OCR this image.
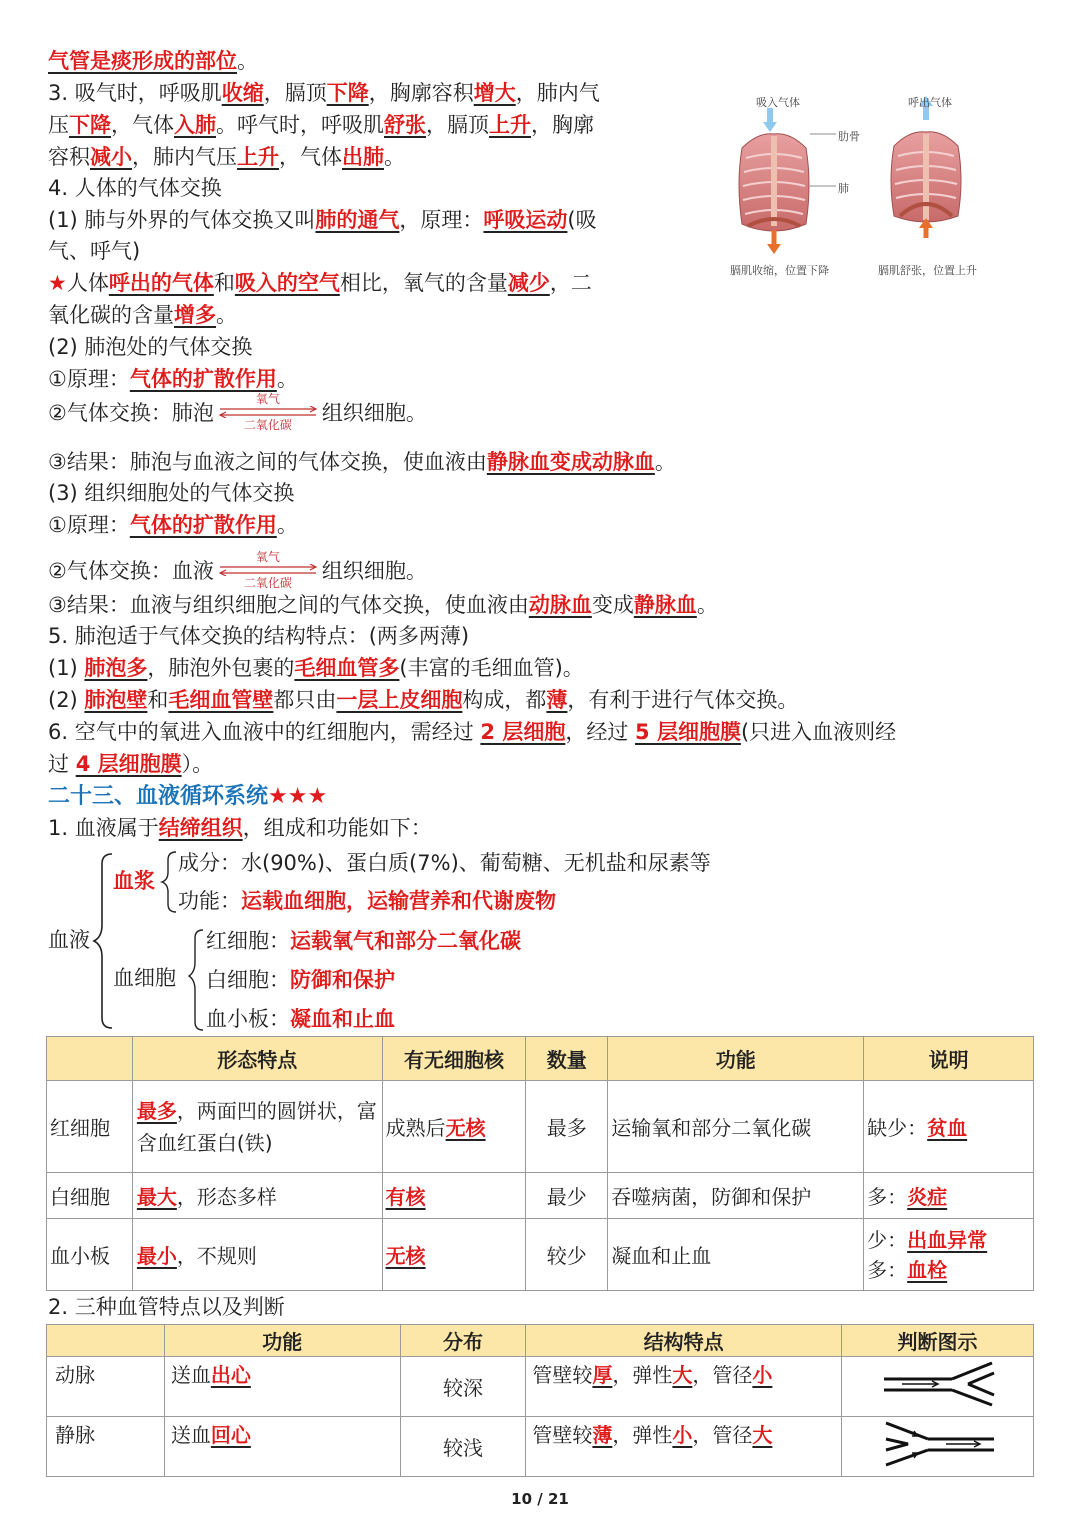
气管是痰形成的部位。
3. 吸气时，呼吸肌收缩，膈顶下降，胸廓容积增大，肺内气
压下降，气体入肺。呼气时，呼吸肌舒张，膈顶上升，胸廓
容积减小，肺内气压上升，气体出肺。
4. 人体的气体交换
(1) 肺与外界的气体交换又叫肺的通气，原理：呼吸运动(吸
气、呼气)
★人体呼出的气体和吸入的空气相比，氧气的含量减少，二
氧化碳的含量增多。
(2) 肺泡处的气体交换
①原理：气体的扩散作用。
②气体交换：肺泡
氧气
二氧化碳	组织细胞。
③结果：肺泡与血液之间的气体交换，使血液由静脉血变成动脉血。
(3) 组织细胞处的气体交换
①原理：气体的扩散作用。
②气体交换：血液
氧气
二氧化碳	组织细胞。
③结果：血液与组织细胞之间的气体交换，使血液由动脉血变成静脉血。
5. 肺泡适于气体交换的结构特点：(两多两薄)
(1) 肺泡多，肺泡外包裹的毛细血管多(丰富的毛细血管)。
(2) 肺泡壁和毛细血管壁都只由一层上皮细胞构成，都薄，有利于进行气体交换。
6. 空气中的氧进入血液中的红细胞内，需经过 2 层细胞，经过 5 层细胞膜(只进入血液则经
过 4 层细胞膜）。
二十三、血液循环系统★★★
1. 血液属于结缔组织，组成和功能如下：
血液
血浆
成分：水(90%)、蛋白质(7%)、葡萄糖、无机盐和尿素等
功能：运载血细胞，运输营养和代谢废物
血细胞
红细胞：运载氧气和部分二氧化碳
白细胞：防御和保护
血小板：凝血和止血
	形态特点	有无细胞核	数量	功能	说明
红细胞	最多，两面凹的圆饼状，富含血红蛋白(铁)	成熟后无核	最多	运输氧和部分二氧化碳	缺少：贫血
白细胞	最大，形态多样	有核	最少	吞噬病菌，防御和保护	多：炎症
血小板	最小，不规则	无核	较少	凝血和止血	少：出血异常
多：血栓
2. 三种血管特点以及判断
	功能	分布	结构特点	判断图示
动脉	送血出心	较深	管壁较厚，弹性大，管径小	
静脉	送血回心	较浅	管壁较薄，弹性小，管径大	
吸入气体	呼出气体
肋骨
肺
膈肌收缩，位置下降	膈肌舒张，位置上升
10 / 21
